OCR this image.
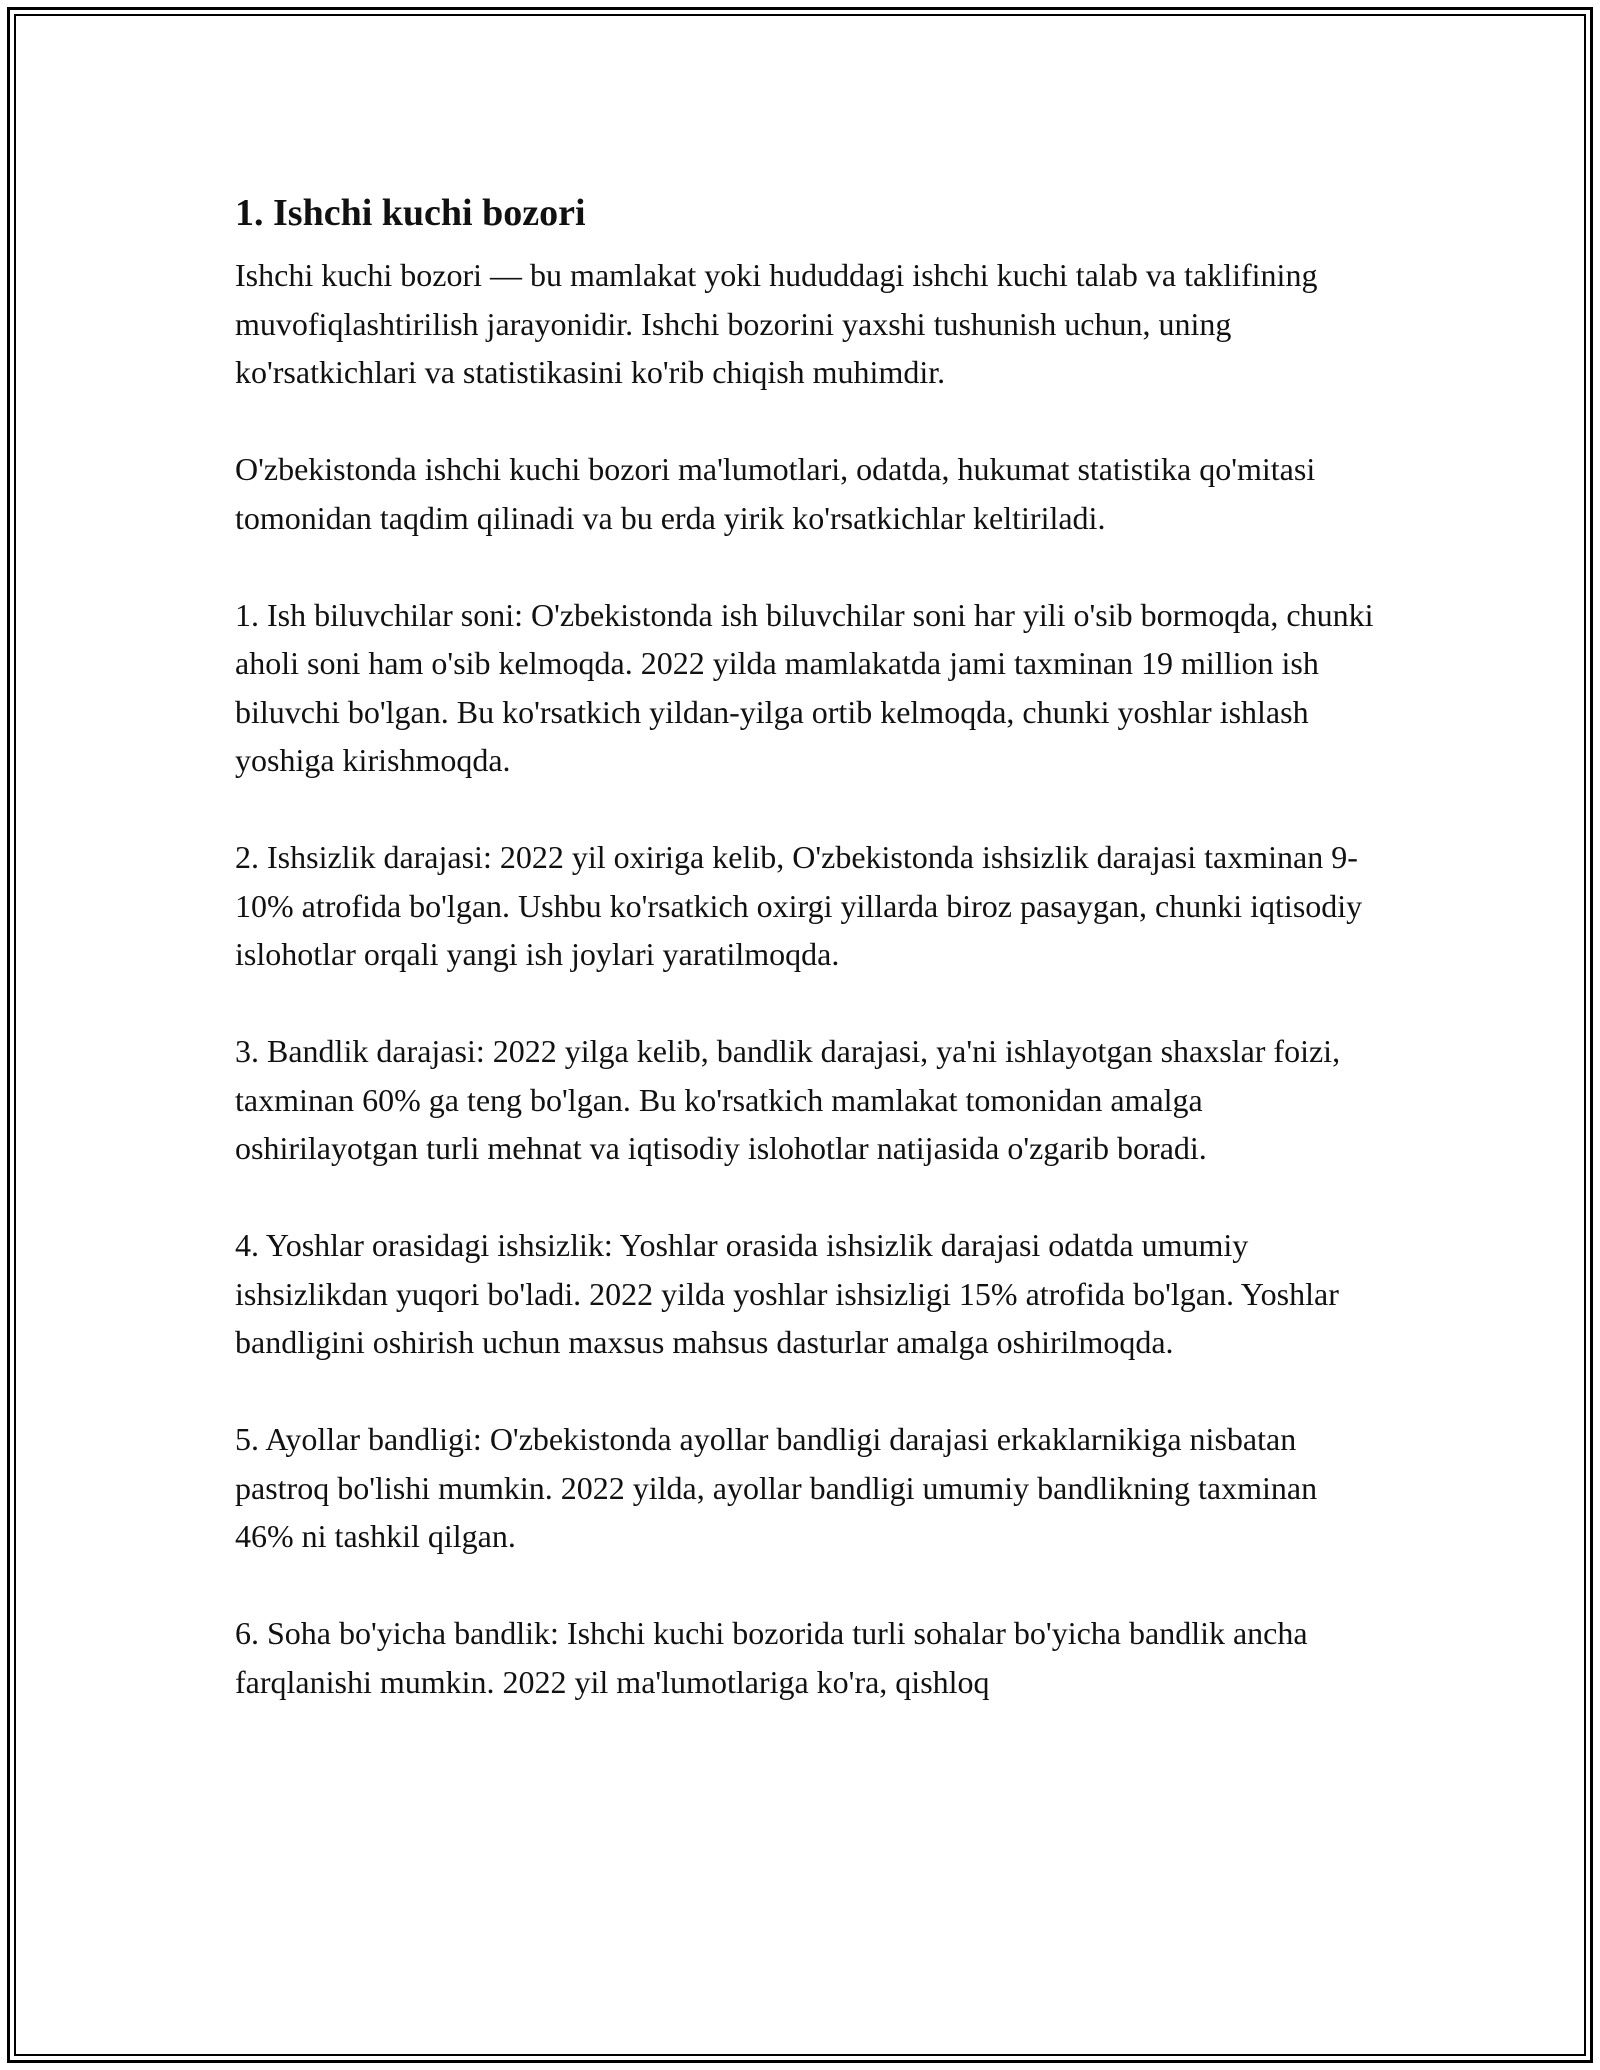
1. Ishchi kuchi bozori

Ishchi kuchi bozori — bu mamlakat yoki hududdagi ishchi kuchi talab va taklifining muvofiqlashtirilish jarayonidir. Ishchi bozorini yaxshi tushunish uchun, uning ko'rsatkichlari va statistikasini ko'rib chiqish muhimdir.

O'zbekistonda ishchi kuchi bozori ma'lumotlari, odatda, hukumat statistika qo'mitasi tomonidan taqdim qilinadi va bu erda yirik ko'rsatkichlar keltiriladi.

1. Ish biluvchilar soni: O'zbekistonda ish biluvchilar soni har yili o'sib bormoqda, chunki aholi soni ham o'sib kelmoqda. 2022 yilda mamlakatda jami taxminan 19 million ish biluvchi bo'lgan. Bu ko'rsatkich yildan-yilga ortib kelmoqda, chunki yoshlar ishlash yoshiga kirishmoqda.

2. Ishsizlik darajasi: 2022 yil oxiriga kelib, O'zbekistonda ishsizlik darajasi taxminan 9-10% atrofida bo'lgan. Ushbu ko'rsatkich oxirgi yillarda biroz pasaygan, chunki iqtisodiy islohotlar orqali yangi ish joylari yaratilmoqda.

3. Bandlik darajasi: 2022 yilga kelib, bandlik darajasi, ya'ni ishlayotgan shaxslar foizi, taxminan 60% ga teng bo'lgan. Bu ko'rsatkich mamlakat tomonidan amalga oshirilayotgan turli mehnat va iqtisodiy islohotlar natijasida o'zgarib boradi.

4. Yoshlar orasidagi ishsizlik: Yoshlar orasida ishsizlik darajasi odatda umumiy ishsizlikdan yuqori bo'ladi. 2022 yilda yoshlar ishsizligi 15% atrofida bo'lgan. Yoshlar bandligini oshirish uchun maxsus mahsus dasturlar amalga oshirilmoqda.

5. Ayollar bandligi: O'zbekistonda ayollar bandligi darajasi erkaklarnikiga nisbatan pastroq bo'lishi mumkin. 2022 yilda, ayollar bandligi umumiy bandlikning taxminan 46% ni tashkil qilgan.

6. Soha bo'yicha bandlik: Ishchi kuchi bozorida turli sohalar bo'yicha bandlik ancha farqlanishi mumkin. 2022 yil ma'lumotlariga ko'ra, qishloq
